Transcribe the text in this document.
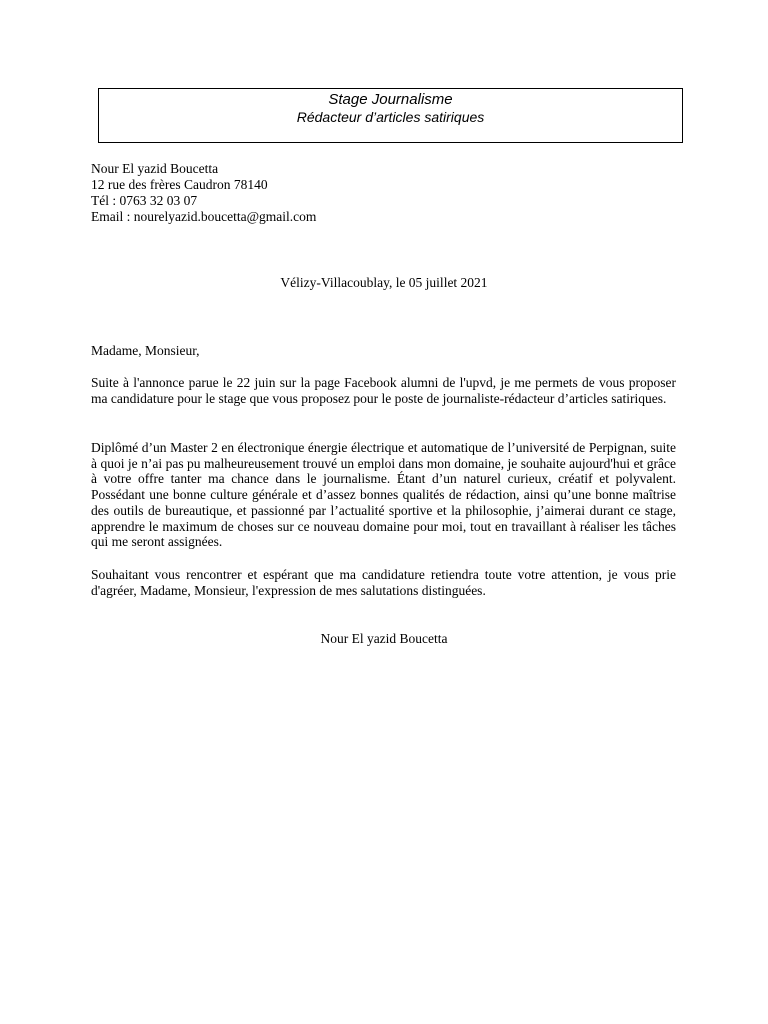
Stage Journalisme
Rédacteur d’articles satiriques
Nour El yazid Boucetta
12 rue des frères Caudron 78140
Tél : 0763 32 03 07
Email : nourelyazid.boucetta@gmail.com
Vélizy-Villacoublay, le 05 juillet 2021
Madame, Monsieur,
Suite à l'annonce parue le 22 juin sur la page Facebook alumni de l'upvd, je me permets de vous proposer ma candidature pour le stage que vous proposez pour le poste de journaliste-rédacteur d’articles satiriques.
Diplômé d’un Master 2 en électronique énergie électrique et automatique de l’université de Perpignan, suite à quoi je n’ai pas pu malheureusement trouvé un emploi dans mon domaine, je souhaite aujourd'hui et grâce à votre offre tanter ma chance dans le journalisme. Étant d’un naturel curieux, créatif et polyvalent. Possédant une bonne culture générale et d’assez bonnes qualités de rédaction, ainsi qu’une bonne maîtrise des outils de bureautique, et passionné par l’actualité sportive et la philosophie, j’aimerai durant ce stage, apprendre le maximum de choses sur ce nouveau domaine pour moi, tout en travaillant à réaliser les tâches qui me seront assignées.
Souhaitant vous rencontrer et espérant que ma candidature retiendra toute votre attention, je vous prie d'agréer, Madame, Monsieur, l'expression de mes salutations distinguées.
Nour El yazid Boucetta
